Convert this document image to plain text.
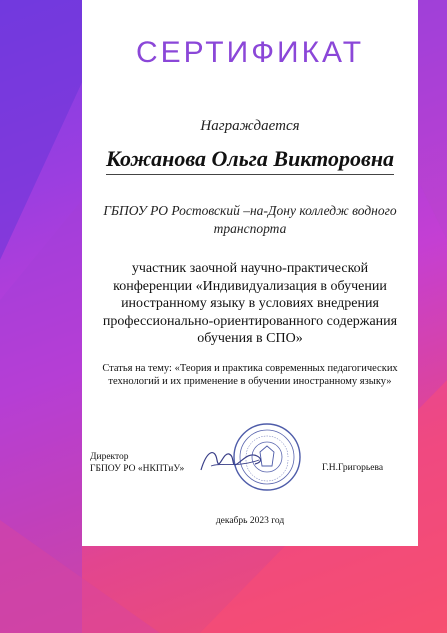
СЕРТИФИКАТ
Награждается
Кожанова Ольга Викторовна
ГБПОУ РО Ростовский –на-Дону колледж водного транспорта
участник заочной научно-практической конференции «Индивидуализация в обучении иностранному языку в условиях внедрения профессионально-ориентированного содержания обучения в СПО»
Статья на тему: «Теория и практика современных педагогических технологий и их применение в обучении иностранному языку»
Директор
ГБПОУ РО «НКПТиУ»	Г.Н.Григорьева
декабрь 2023 год
